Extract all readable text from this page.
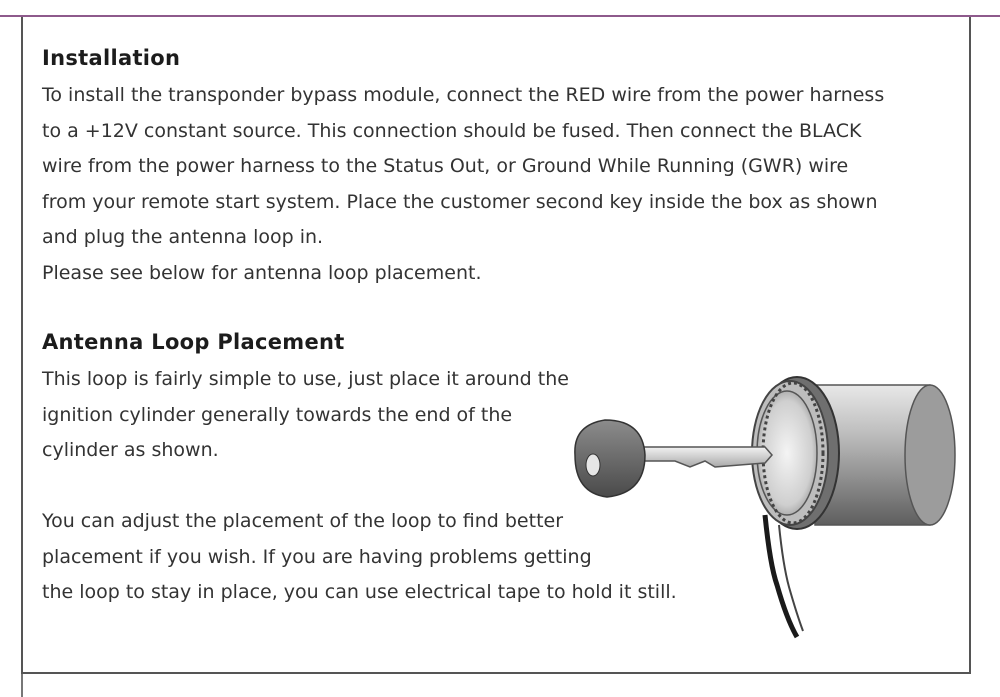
Installation
To install the transponder bypass module, connect the RED wire from the power harness
to a +12V constant source. This connection should be fused. Then connect the BLACK
wire from the power harness to the Status Out, or Ground While Running (GWR) wire
from your remote start system. Place the customer second key inside the box as shown
and plug the antenna loop in.
Please see below for antenna loop placement.
Antenna Loop Placement
This loop is fairly simple to use, just place it around the
ignition cylinder generally towards the end of the
cylinder as shown.
You can adjust the placement of the loop to find better
placement if you wish. If you are having problems getting
the loop to stay in place, you can use electrical tape to hold it still.
